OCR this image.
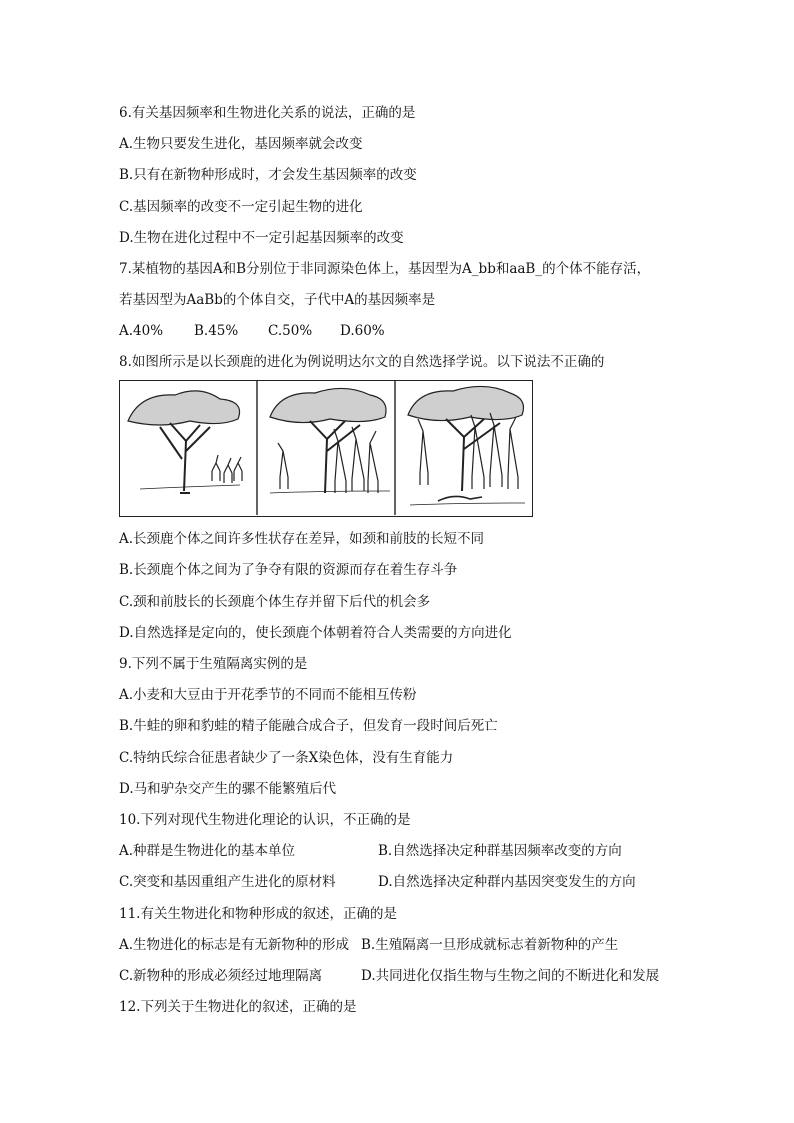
6.有关基因频率和生物进化关系的说法，正确的是
A.生物只要发生进化，基因频率就会改变
B.只有在新物种形成时，才会发生基因频率的改变
C.基因频率的改变不一定引起生物的进化
D.生物在进化过程中不一定引起基因频率的改变
7.某植物的基因A和B分别位于非同源染色体上，基因型为A_bb和aaB_的个体不能存活，
若基因型为AaBb的个体自交，子代中A的基因频率是
A.40% B.45% C.50% D.60%
8.如图所示是以长颈鹿的进化为例说明达尔文的自然选择学说。以下说法不正确的
A.长颈鹿个体之间许多性状存在差异，如颈和前肢的长短不同
B.长颈鹿个体之间为了争夺有限的资源而存在着生存斗争
C.颈和前肢长的长颈鹿个体生存并留下后代的机会多
D.自然选择是定向的，使长颈鹿个体朝着符合人类需要的方向进化
9.下列不属于生殖隔离实例的是
A.小麦和大豆由于开花季节的不同而不能相互传粉
B.牛蛙的卵和豹蛙的精子能融合成合子，但发育一段时间后死亡
C.特纳氏综合征患者缺少了一条X染色体，没有生育能力
D.马和驴杂交产生的骡不能繁殖后代
10.下列对现代生物进化理论的认识，不正确的是
A.种群是生物进化的基本单位	B.自然选择决定种群基因频率改变的方向
C.突变和基因重组产生进化的原材料	D.自然选择决定种群内基因突变发生的方向
11.有关生物进化和物种形成的叙述，正确的是
A.生物进化的标志是有无新物种的形成 B.生殖隔离一旦形成就标志着新物种的产生
C.新物种的形成必须经过地理隔离	D.共同进化仅指生物与生物之间的不断进化和发展
12.下列关于生物进化的叙述，正确的是
